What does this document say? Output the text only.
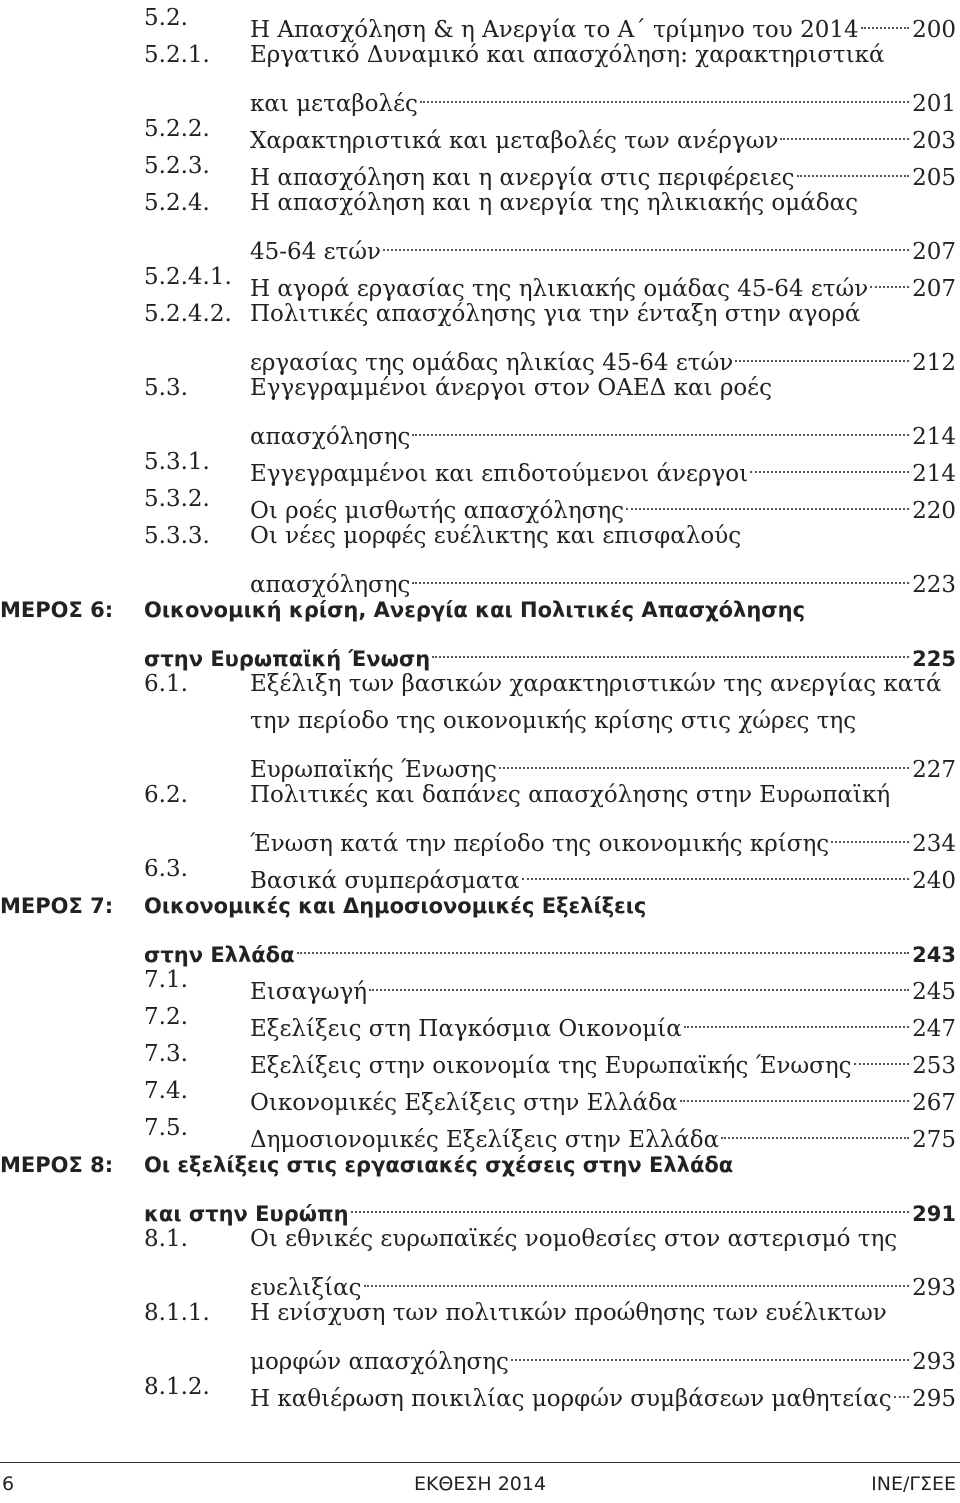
5.2.	Η Απασχόληση & η Ανεργία το Α΄ τρίμηνο του 2014 200
5.2.1. Εργατικό Δυναμικό και απασχόληση: χαρακτηριστικά
και μεταβολές	201
5.2.2. Χαρακτηριστικά και μεταβολές των ανέργων	203
5.2.3. Η απασχόληση και η ανεργία στις περιφέρειες	205
5.2.4. Η απασχόληση και η ανεργία της ηλικιακής ομάδας
45-64 ετών	207
5.2.4.1. Η αγορά εργασίας της ηλικιακής ομάδας 45-64 ετών 207
5.2.4.2. Πολιτικές απασχόλησης για την ένταξη στην αγορά
εργασίας της ομάδας ηλικίας 45-64 ετών	212
5.3.	Εγγεγραμμένοι άνεργοι στον ΟΑΕΔ και ροές
απασχόλησης	214
5.3.1. Εγγεγραμμένοι και επιδοτούμενοι άνεργοι	214
5.3.2. Οι ροές μισθωτής απασχόλησης	220
5.3.3. Οι νέες μορφές ευέλικτης και επισφαλούς
απασχόλησης	223
ΜΕΡΟΣ 6: Οικονομική κρίση, Ανεργία και Πολιτικές Απασχόλησης
στην Ευρωπαϊκή Ένωση	225
6.1.	Εξέλιξη των βασικών χαρακτηριστικών της ανεργίας κατά
την περίοδο της οικονομικής κρίσης στις χώρες της
Ευρωπαϊκής Ένωσης	227
6.2.	Πολιτικές και δαπάνες απασχόλησης στην Ευρωπαϊκή
Ένωση κατά την περίοδο της οικονομικής κρίσης	234
6.3.	Βασικά συμπεράσματα	240
ΜΕΡΟΣ 7: Οικονομικές και Δημοσιονομικές Εξελίξεις
στην Ελλάδα	243
7.1.	Εισαγωγή	245
7.2.	Εξελίξεις στη Παγκόσμια Οικονομία	247
7.3.	Εξελίξεις στην οικονομία της Ευρωπαϊκής Ένωσης	253
7.4.	Οικονομικές Εξελίξεις στην Ελλάδα	267
7.5.	Δημοσιονομικές Εξελίξεις στην Ελλάδα	275
ΜΕΡΟΣ 8: Οι εξελίξεις στις εργασιακές σχέσεις στην Ελλάδα
και στην Ευρώπη	291
8.1.	Οι εθνικές ευρωπαϊκές νομοθεσίες στον αστερισμό της
ευελιξίας	293
8.1.1. Η ενίσχυση των πολιτικών προώθησης των ευέλικτων
μορφών απασχόλησης	293
8.1.2. Η καθιέρωση ποικιλίας μορφών συμβάσεων μαθητείας 295
6	ΕΚΘΕΣΗ 2014	ΙΝΕ/ΓΣΕΕ
